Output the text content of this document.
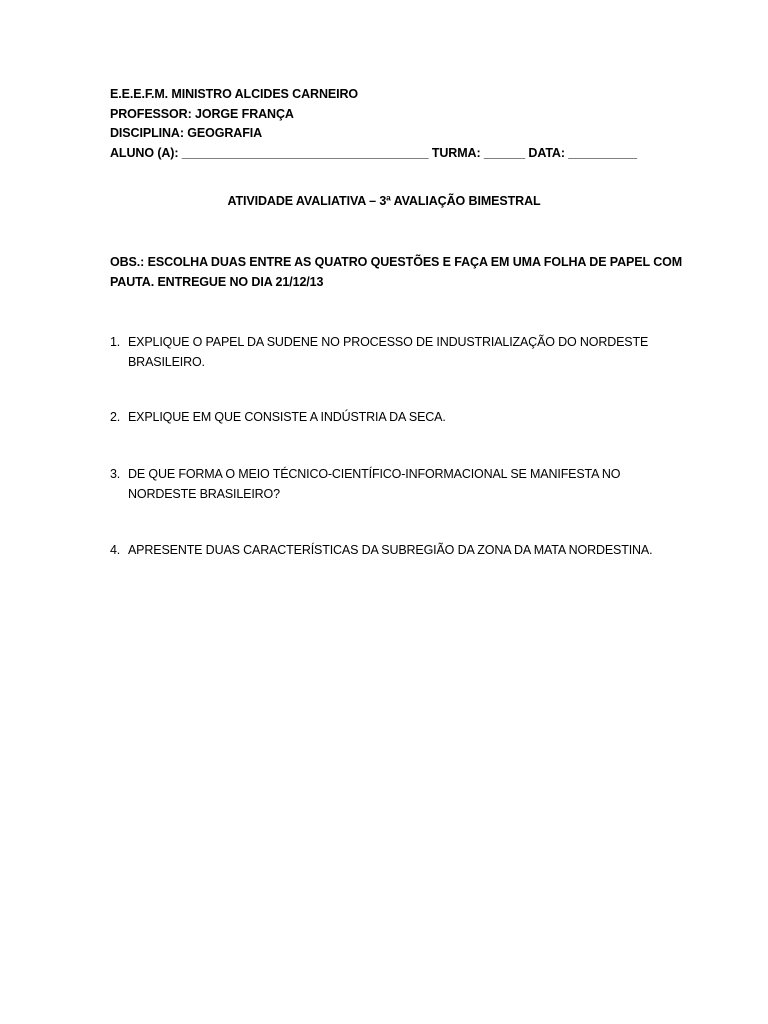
E.E.E.F.M. MINISTRO ALCIDES CARNEIRO
PROFESSOR: JORGE FRANÇA
DISCIPLINA: GEOGRAFIA
ALUNO (A): ____________________________________ TURMA: ______ DATA: __________
ATIVIDADE AVALIATIVA – 3ª AVALIAÇÃO BIMESTRAL
OBS.: ESCOLHA DUAS ENTRE AS QUATRO QUESTÕES E FAÇA EM UMA FOLHA DE PAPEL COM
PAUTA. ENTREGUE NO DIA 21/12/13
1. EXPLIQUE O PAPEL DA SUDENE NO PROCESSO DE INDUSTRIALIZAÇÃO DO NORDESTE
BRASILEIRO.
2. EXPLIQUE EM QUE CONSISTE A INDÚSTRIA DA SECA.
3. DE QUE FORMA O MEIO TÉCNICO-CIENTÍFICO-INFORMACIONAL SE MANIFESTA NO
NORDESTE BRASILEIRO?
4. APRESENTE DUAS CARACTERÍSTICAS DA SUBREGIÃO DA ZONA DA MATA NORDESTINA.
